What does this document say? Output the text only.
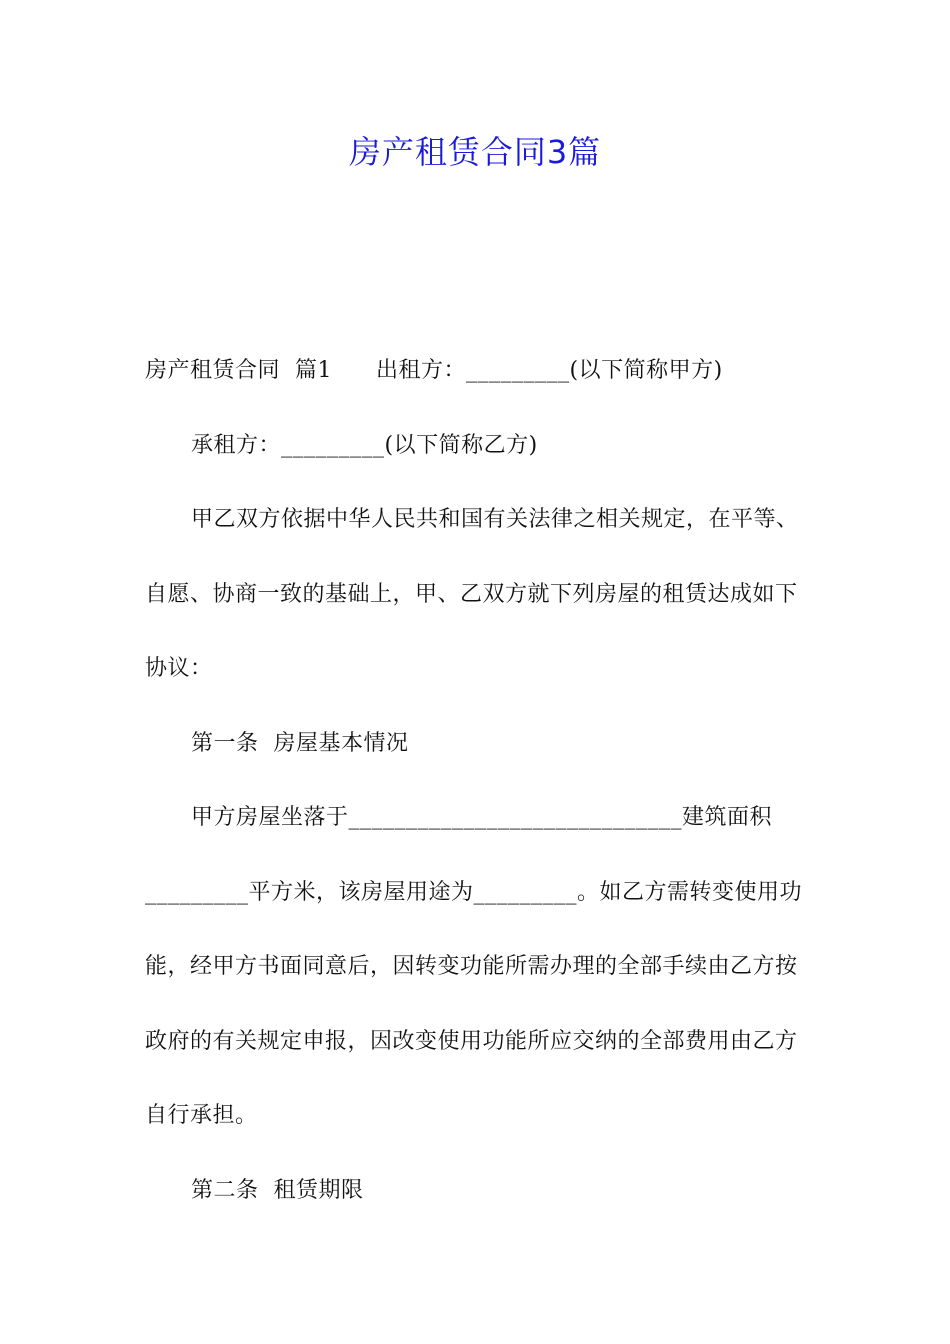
房产租赁合同3篇

房产租赁合同  篇1 出租方：_________(以下简称甲方)

承租方：_________(以下简称乙方)

甲乙双方依据中华人民共和国有关法律之相关规定，在平等、自愿、协商一致的基础上，甲、乙双方就下列房屋的租赁达成如下协议：

第一条  房屋基本情况

甲方房屋坐落于_____________________________建筑面积_________平方米，该房屋用途为_________。如乙方需转变使用功能，经甲方书面同意后，因转变功能所需办理的全部手续由乙方按政府的有关规定申报，因改变使用功能所应交纳的全部费用由乙方自行承担。

第二条  租赁期限
